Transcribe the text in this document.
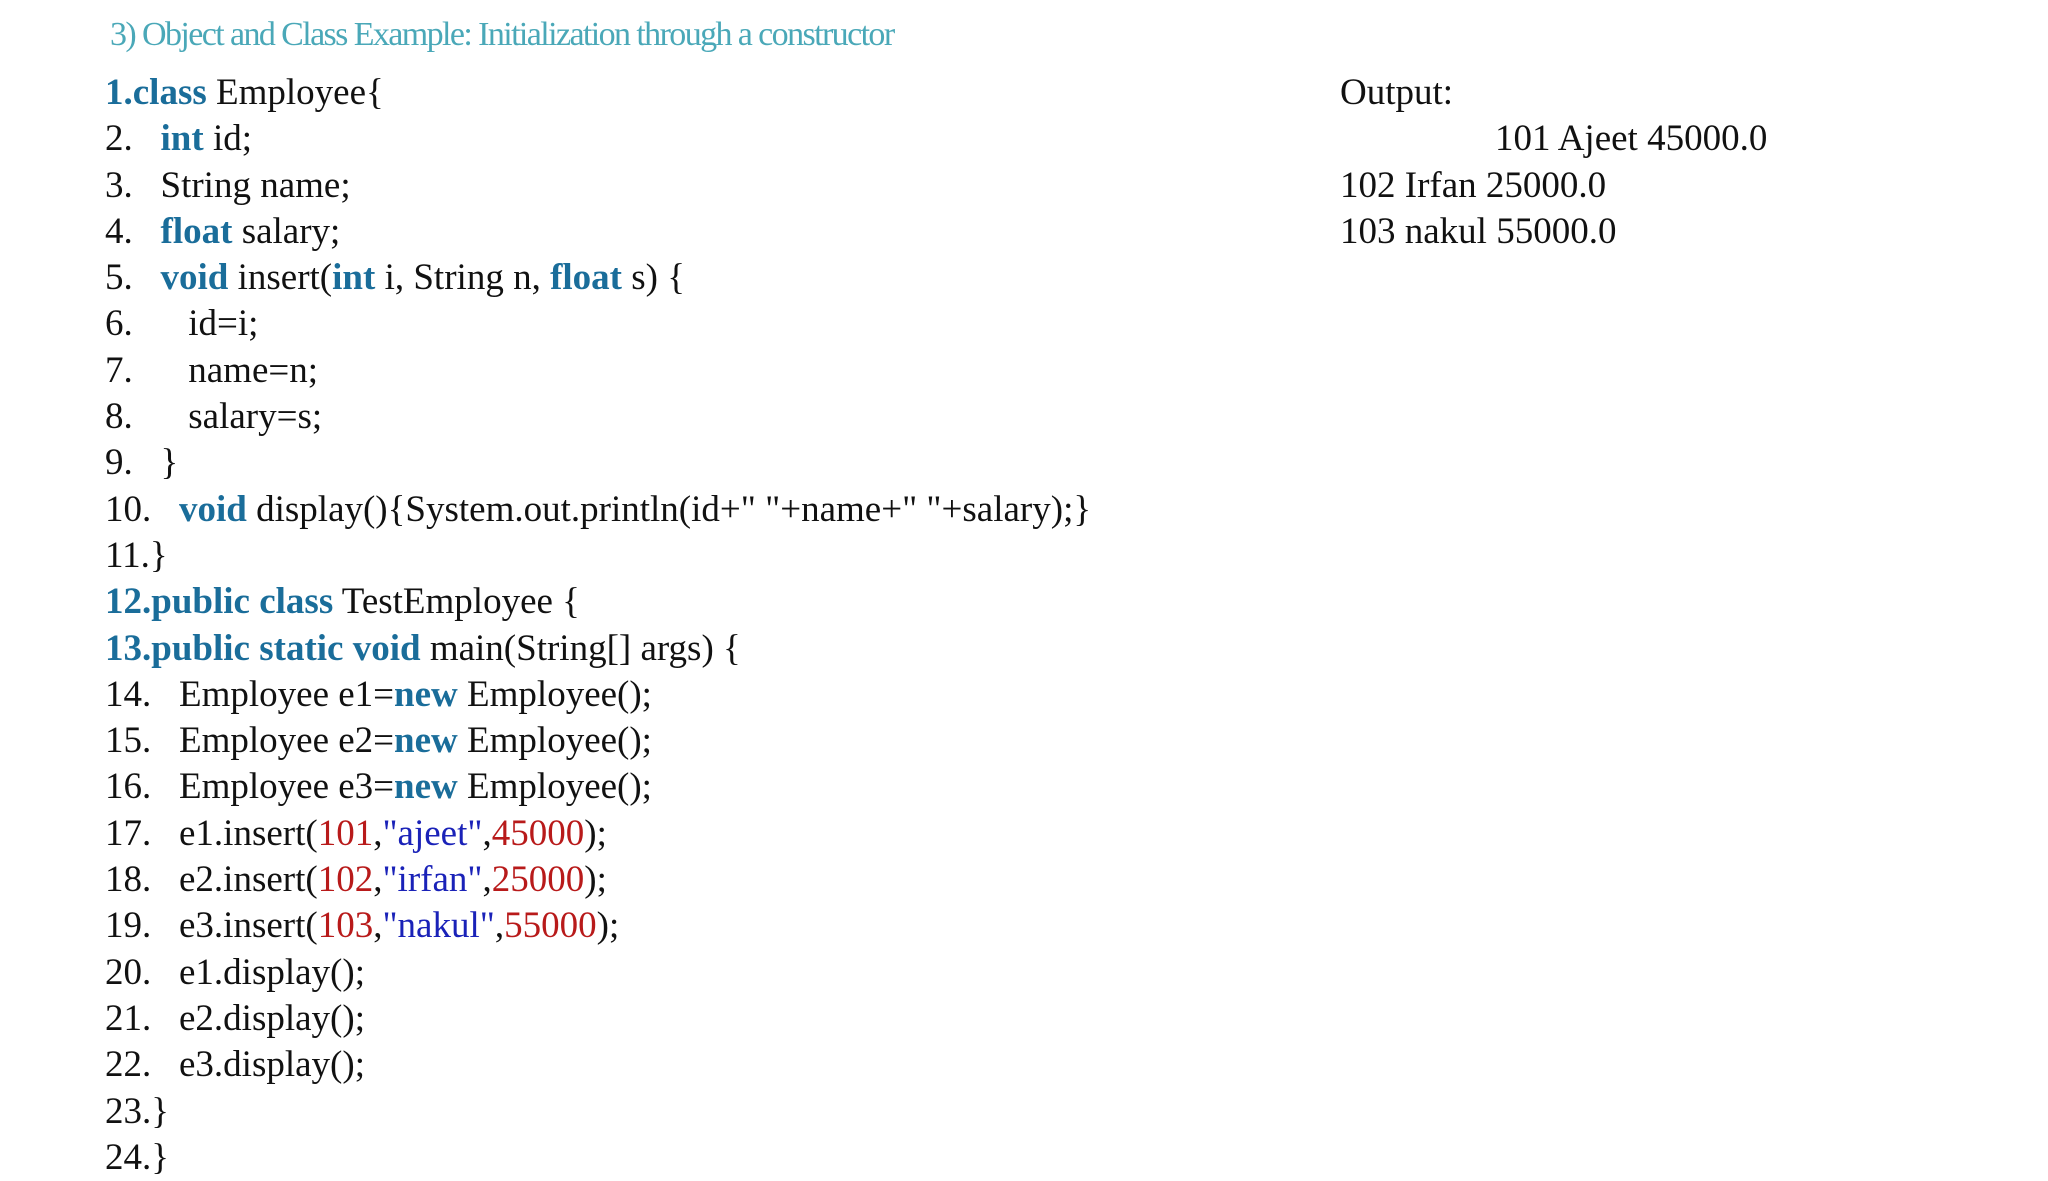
3) Object and Class Example: Initialization through a constructor
1.class Employee{
2.   int id;
3.   String name;
4.   float salary;
5.   void insert(int i, String n, float s) {
6.      id=i;
7.      name=n;
8.      salary=s;
9.   }
10.   void display(){System.out.println(id+" "+name+" "+salary);}
11.}
12.public class TestEmployee {
13.public static void main(String[] args) {
14.   Employee e1=new Employee();
15.   Employee e2=new Employee();
16.   Employee e3=new Employee();
17.   e1.insert(101,"ajeet",45000);
18.   e2.insert(102,"irfan",25000);
19.   e3.insert(103,"nakul",55000);
20.   e1.display();
21.   e2.display();
22.   e3.display();
23.}
24.}
Output:
101 Ajeet 45000.0
102 Irfan 25000.0
103 nakul 55000.0
